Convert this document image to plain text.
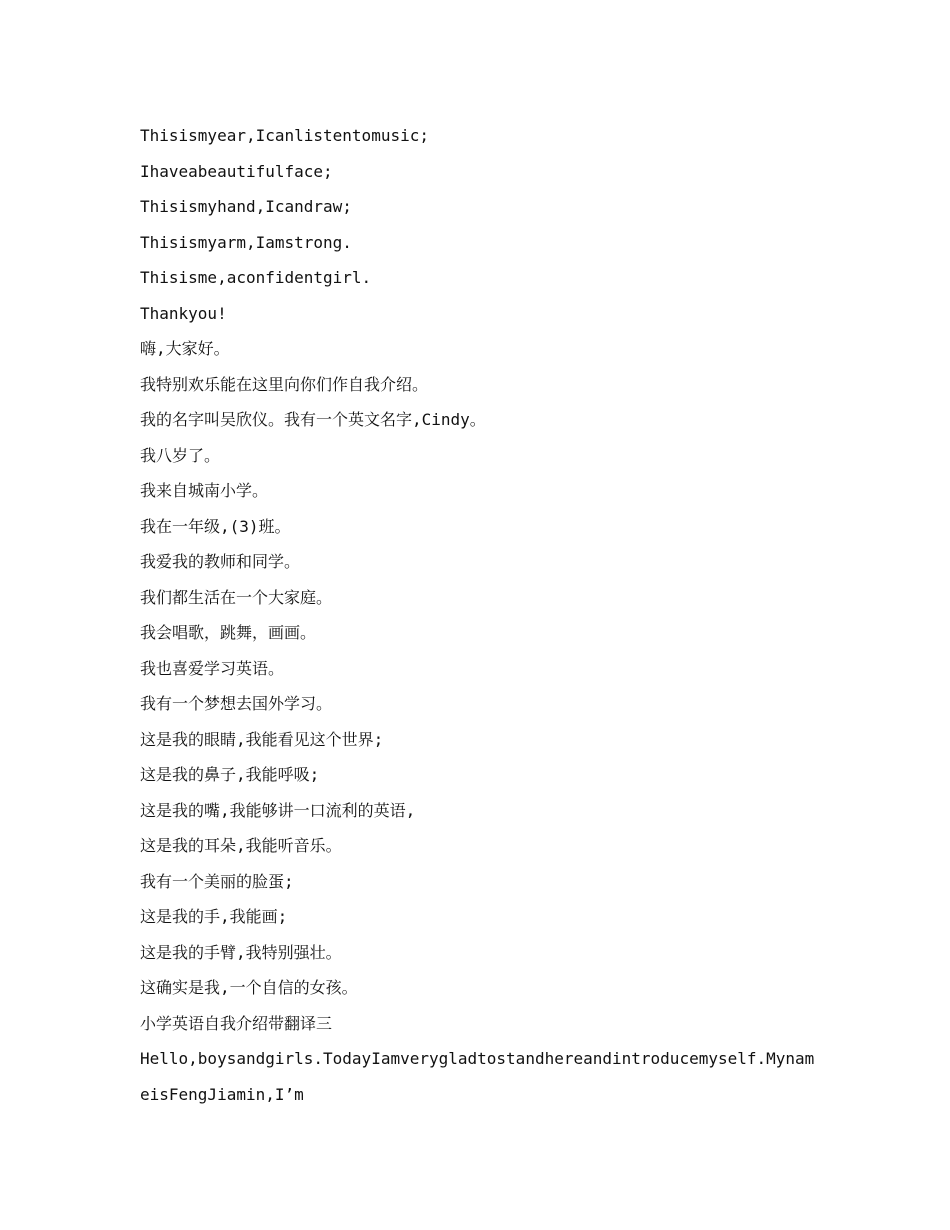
Thisismyear,Icanlistentomusic;
Ihaveabeautifulface;
Thisismyhand,Icandraw;
Thisismyarm,Iamstrong.
Thisisme,aconfidentgirl.
Thankyou!
嗨,大家好。
我特别欢乐能在这里向你们作自我介绍。
我的名字叫吴欣仪。我有一个英文名字,Cindy。
我八岁了。
我来自城南小学。
我在一年级,(3)班。
我爱我的教师和同学。
我们都生活在一个大家庭。
我会唱歌，跳舞，画画。
我也喜爱学习英语。
我有一个梦想去国外学习。
这是我的眼睛,我能看见这个世界;
这是我的鼻子,我能呼吸;
这是我的嘴,我能够讲一口流利的英语,
这是我的耳朵,我能听音乐。
我有一个美丽的脸蛋;
这是我的手,我能画;
这是我的手臂,我特别强壮。
这确实是我,一个自信的女孩。
小学英语自我介绍带翻译三
Hello,boysandgirls.TodayIamverygladtostandhereandintroducemyself.MynameisFengJiamin,I’m
